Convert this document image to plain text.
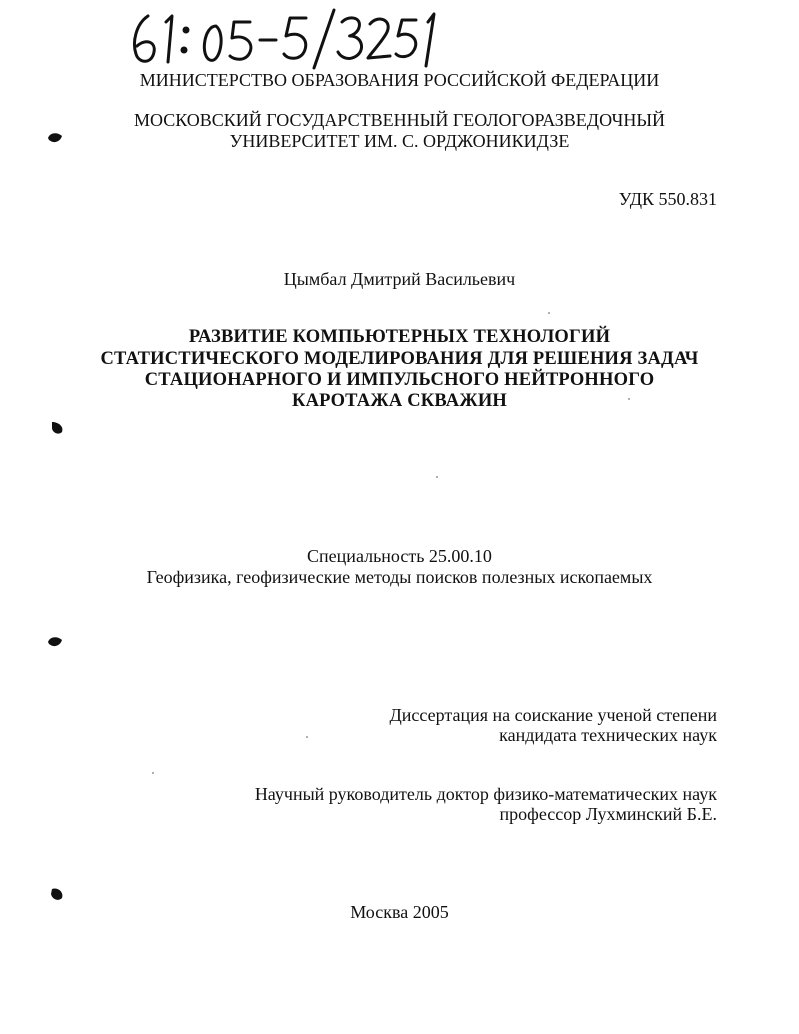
МИНИСТЕРСТВО ОБРАЗОВАНИЯ РОССИЙСКОЙ ФЕДЕРАЦИИ
МОСКОВСКИЙ ГОСУДАРСТВЕННЫЙ ГЕОЛОГОРАЗВЕДОЧНЫЙ
УНИВЕРСИТЕТ ИМ. С. ОРДЖОНИКИДЗЕ
УДК 550.831
Цымбал Дмитрий Васильевич
РАЗВИТИЕ КОМПЬЮТЕРНЫХ ТЕХНОЛОГИЙ
СТАТИСТИЧЕСКОГО МОДЕЛИРОВАНИЯ ДЛЯ РЕШЕНИЯ ЗАДАЧ
СТАЦИОНАРНОГО И ИМПУЛЬСНОГО НЕЙТРОННОГО
КАРОТАЖА СКВАЖИН
Специальность 25.00.10
Геофизика, геофизические методы поисков полезных ископаемых
Диссертация на соискание ученой степени
кандидата технических наук
Научный руководитель доктор физико-математических наук
профессор Лухминский Б.Е.
Москва 2005
